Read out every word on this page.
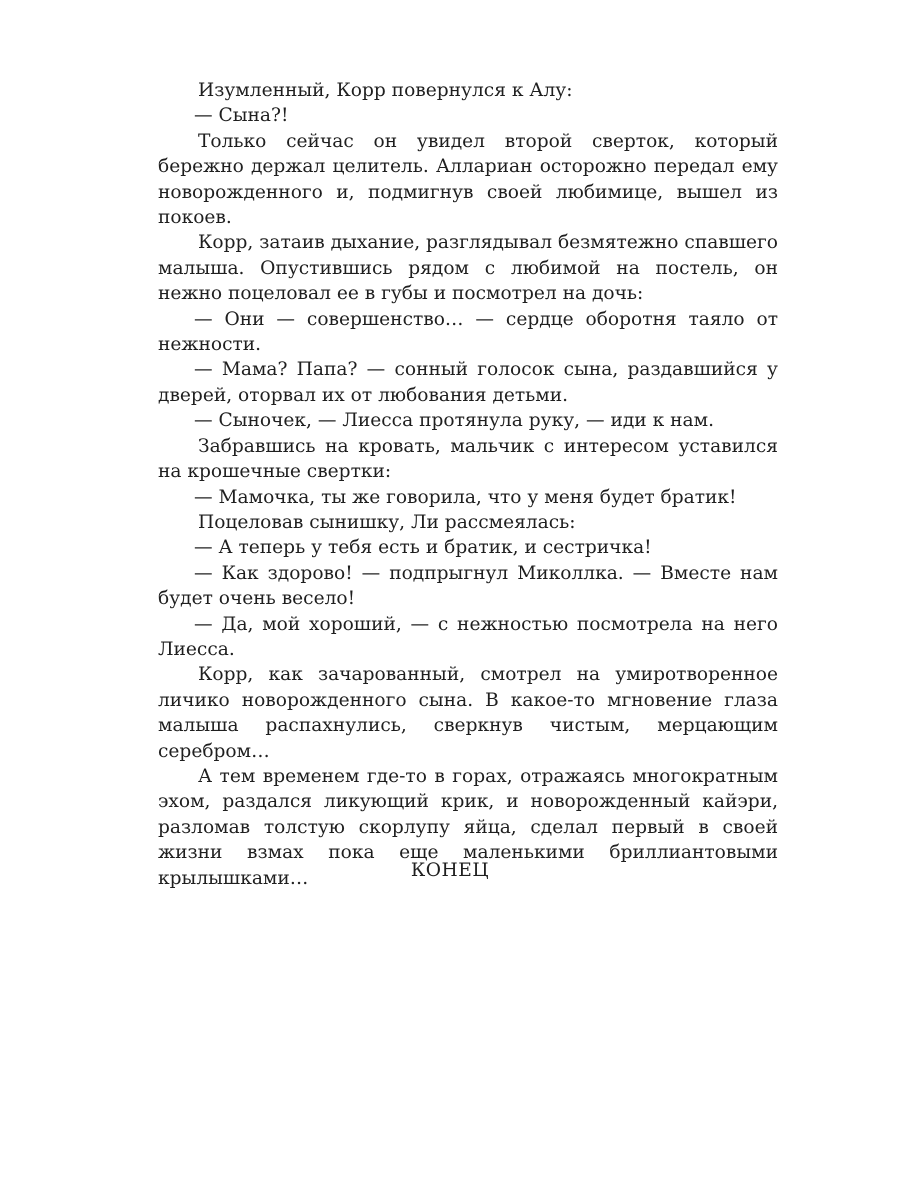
Изумленный, Корр повернулся к Алу:

— Сына?!

Только сейчас он увидел второй сверток, который бережно держал целитель. Аллариан осторожно передал ему новорожденного и, подмигнув своей любимице, вышел из покоев.

Корр, затаив дыхание, разглядывал безмятежно спавшего малыша. Опустившись рядом с любимой на постель, он нежно поцеловал ее в губы и посмотрел на дочь:

— Они — совершенство… — сердце оборотня таяло от нежности.

— Мама? Папа? — сонный голосок сына, раздавшийся у дверей, оторвал их от любования детьми.

— Сыночек, — Лиесса протянула руку, — иди к нам.

Забравшись на кровать, мальчик с интересом уставился на крошечные свертки:

— Мамочка, ты же говорила, что у меня будет братик!

Поцеловав сынишку, Ли рассмеялась:

— А теперь у тебя есть и братик, и сестричка!

— Как здорово! — подпрыгнул Миколлка. — Вместе нам будет очень весело!

— Да, мой хороший, — с нежностью посмотрела на него Лиесса.

Корр, как зачарованный, смотрел на умиротворенное личико новорожденного сына. В какое-то мгновение глаза малыша распахнулись, сверкнув чистым, мерцающим серебром…

А тем временем где-то в горах, отражаясь многократным эхом, раздался ликующий крик, и новорожденный кайэри, разломав толстую скорлупу яйца, сделал первый в своей жизни взмах пока еще маленькими бриллиантовыми крылышками…	КОНЕЦ
